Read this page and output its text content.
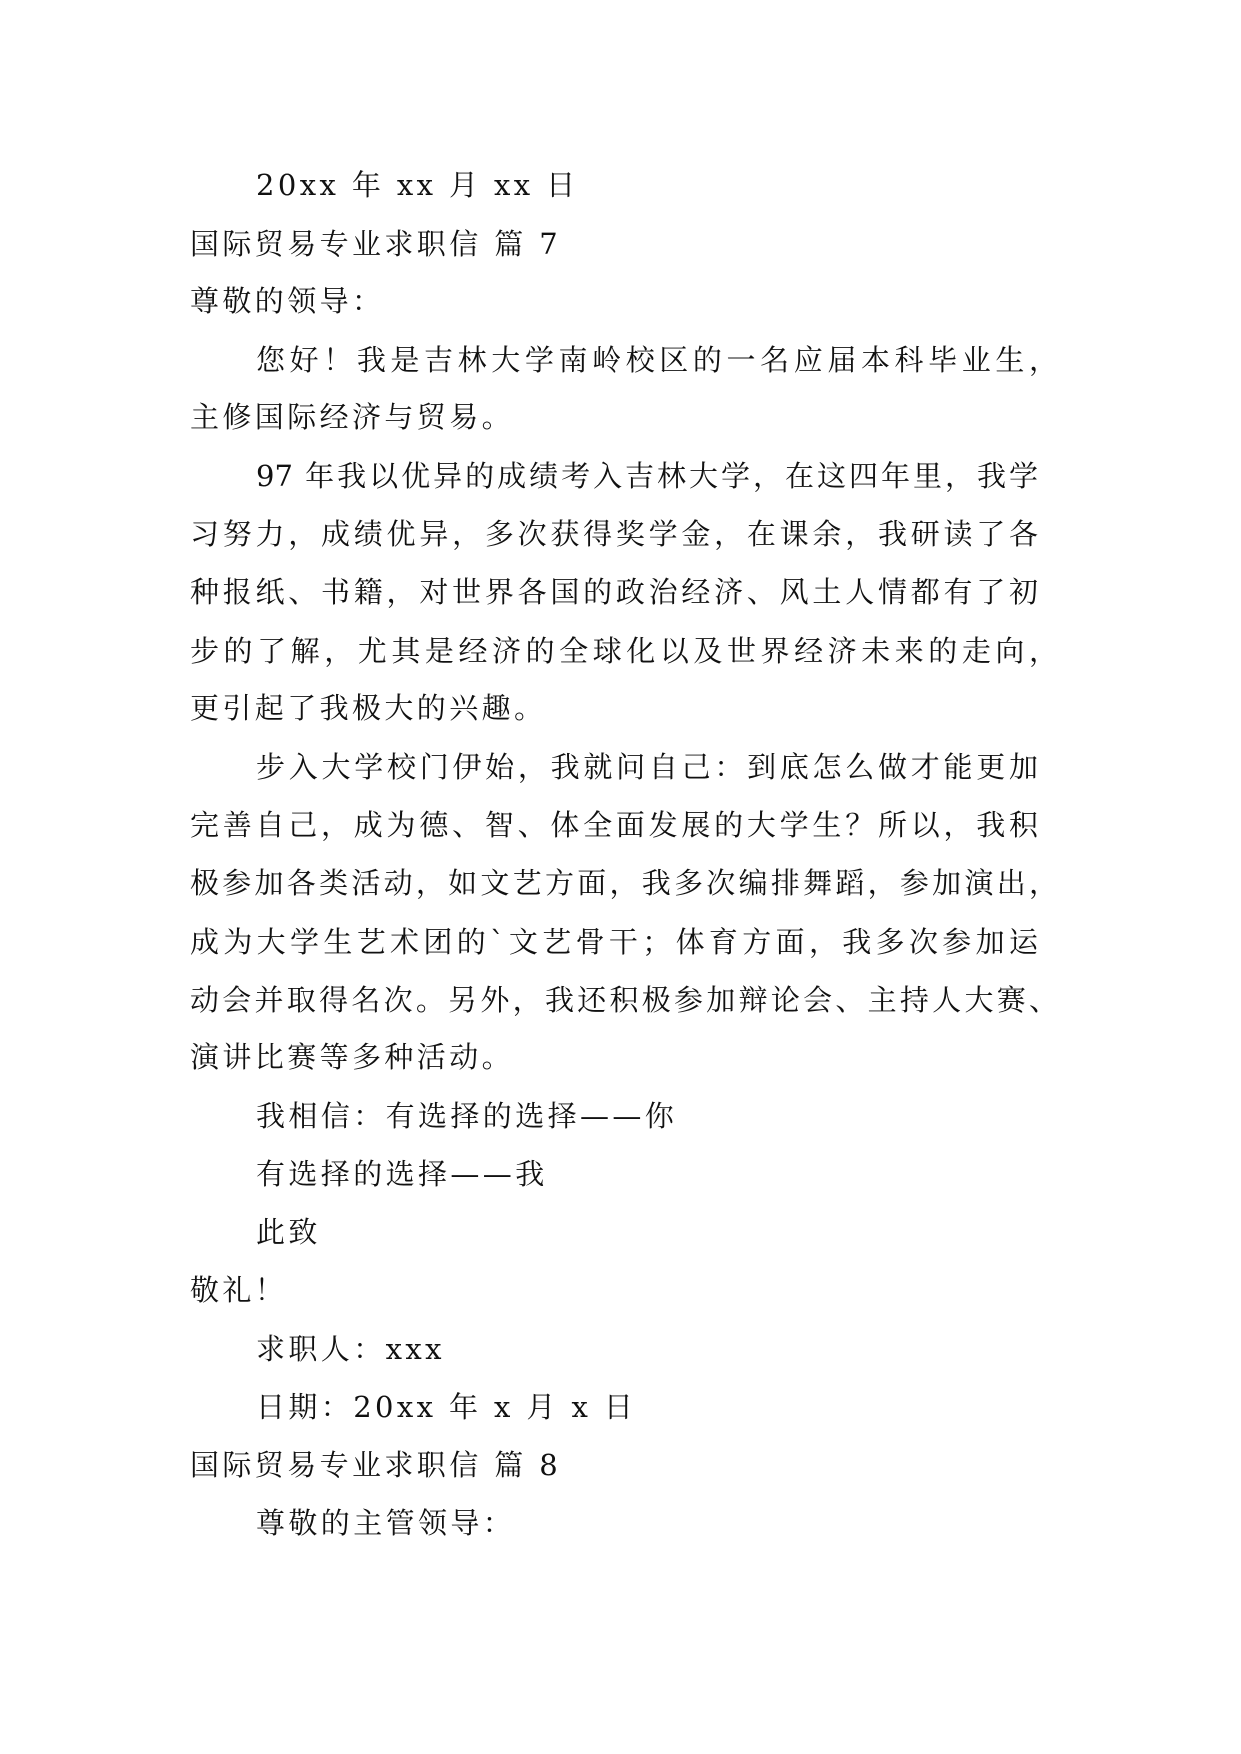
20xx 年 xx 月 xx 日
国际贸易专业求职信 篇 7
尊敬的领导：
您好！我是吉林大学南岭校区的一名应届本科毕业生，
主修国际经济与贸易。
97 年我以优异的成绩考入吉林大学，在这四年里，我学
习努力，成绩优异，多次获得奖学金，在课余，我研读了各
种报纸、书籍，对世界各国的政治经济、风土人情都有了初
步的了解，尤其是经济的全球化以及世界经济未来的走向，
更引起了我极大的兴趣。
步入大学校门伊始，我就问自己：到底怎么做才能更加
完善自己，成为德、智、体全面发展的大学生？所以，我积
极参加各类活动，如文艺方面，我多次编排舞蹈，参加演出，
成为大学生艺术团的`文艺骨干；体育方面，我多次参加运
动会并取得名次。另外，我还积极参加辩论会、主持人大赛、
演讲比赛等多种活动。
我相信：有选择的选择——你
有选择的选择——我
此致
敬礼！
求职人：xxx
日期：20xx 年 x 月 x 日
国际贸易专业求职信 篇 8
尊敬的主管领导：
